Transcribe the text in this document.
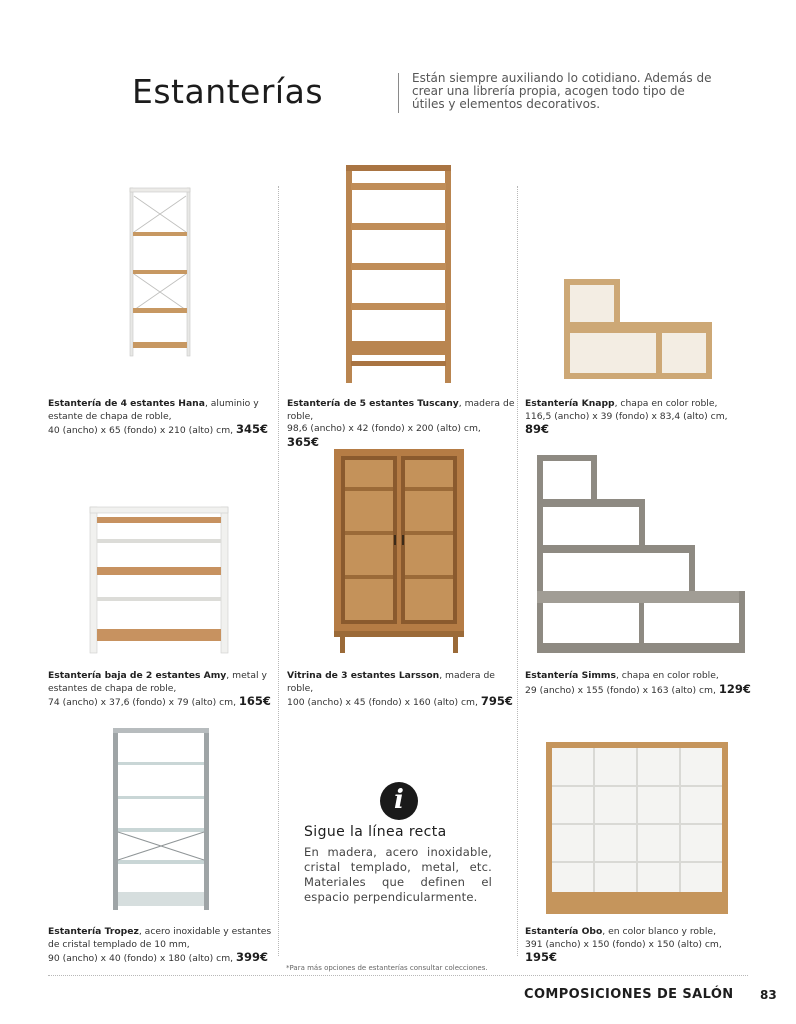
Estanterías	Están siempre auxiliando lo cotidiano. Además de crear una librería propia, acogen todo tipo de útiles y elementos decorativos.
Estantería de 4 estantes Hana, aluminio y estante de chapa de roble,
40 (ancho) x 65 (fondo) x 210 (alto) cm, 345€
Estantería de 5 estantes Tuscany, madera de roble,
98,6 (ancho) x 42 (fondo) x 200 (alto) cm, 365€
Estantería Knapp, chapa en color roble,
116,5 (ancho) x 39 (fondo) x 83,4 (alto) cm, 89€
Estantería baja de 2 estantes Amy, metal y estantes de chapa de roble,
74 (ancho) x 37,6 (fondo) x 79 (alto) cm, 165€
Vitrina de 3 estantes Larsson, madera de roble,
100 (ancho) x 45 (fondo) x 160 (alto) cm, 795€
Estantería Simms, chapa en color roble,
29 (ancho) x 155 (fondo) x 163 (alto) cm, 129€
Estantería Tropez, acero inoxidable y estantes de cristal templado de 10 mm,
90 (ancho) x 40 (fondo) x 180 (alto) cm, 399€
Estantería Obo, en color blanco y roble,
391 (ancho) x 150 (fondo) x 150 (alto) cm, 195€
i
Sigue la línea recta
En madera, acero inoxidable, cristal templado, metal, etc. Materiales que definen el espacio perpendicularmente.
*Para más opciones de estanterías consultar colecciones.
COMPOSICIONES DE SALÓN 83
